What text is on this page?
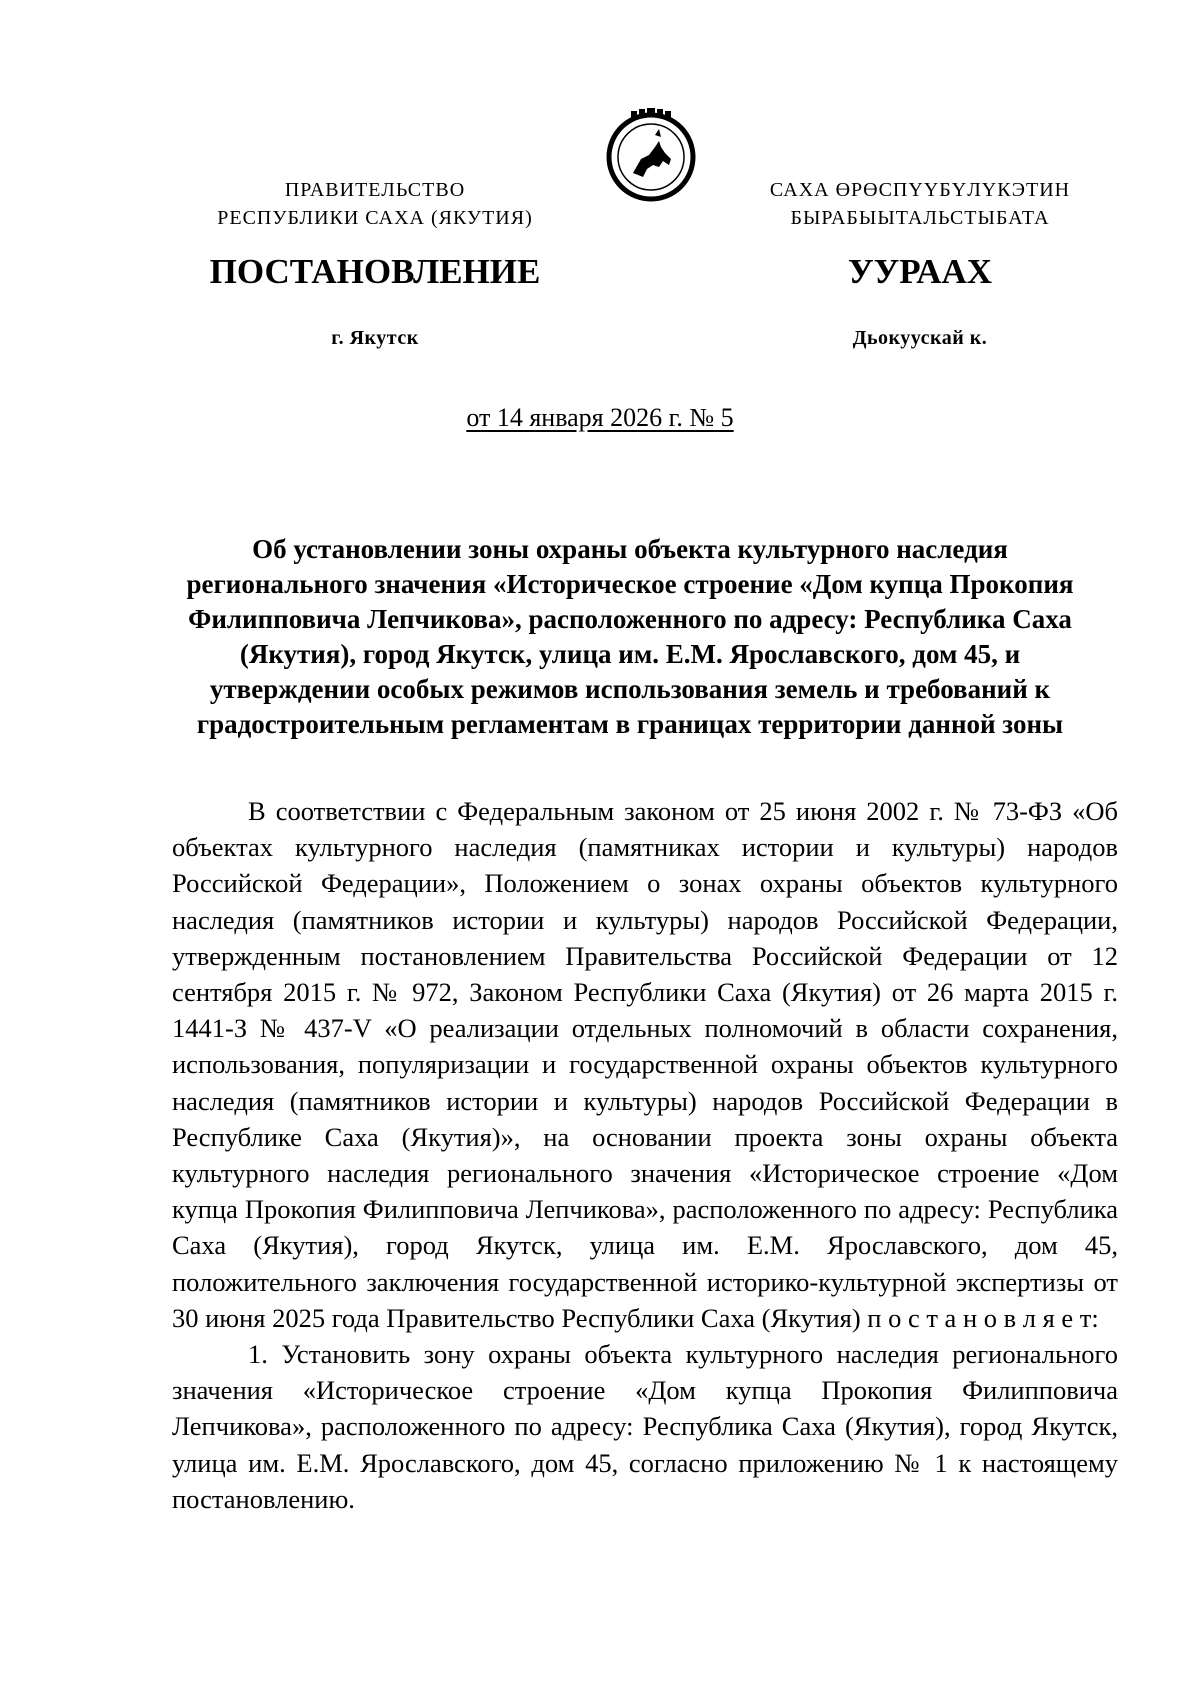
ПРАВИТЕЛЬСТВО
РЕСПУБЛИКИ САХА (ЯКУТИЯ)
САХА ӨРӨСПҮҮБҮЛҮКЭТИН
БЫРАБЫЫТАЛЬСТЫБАТА
ПОСТАНОВЛЕНИЕ	УУРААХ
г. Якутск	Дьокуускай к.
от 14 января 2026 г. № 5
Об установлении зоны охраны объекта культурного наследия регионального значения «Историческое строение «Дом купца Прокопия Филипповича Лепчикова», расположенного по адресу: Республика Саха (Якутия), город Якутск, улица им. Е.М. Ярославского, дом 45, и утверждении особых режимов использования земель и требований к градостроительным регламентам в границах территории данной зоны

В соответствии с Федеральным законом от 25 июня 2002 г. № 73-ФЗ «Об объектах культурного наследия (памятниках истории и культуры) народов Российской Федерации», Положением о зонах охраны объектов культурного наследия (памятников истории и культуры) народов Российской Федерации, утвержденным постановлением Правительства Российской Федерации от 12 сентября 2015 г. № 972, Законом Республики Саха (Якутия) от 26 марта 2015 г. 1441-З № 437-V «О реализации отдельных полномочий в области сохранения, использования, популяризации и государственной охраны объектов культурного наследия (памятников истории и культуры) народов Российской Федерации в Республике Саха (Якутия)», на основании проекта зоны охраны объекта культурного наследия регионального значения «Историческое строение «Дом купца Прокопия Филипповича Лепчикова», расположенного по адресу: Республика Саха (Якутия), город Якутск, улица им. Е.М. Ярославского, дом 45, положительного заключения государственной историко-культурной экспертизы от 30 июня 2025 года Правительство Республики Саха (Якутия) п о с т а н о в л я е т:

1. Установить зону охраны объекта культурного наследия регионального значения «Историческое строение «Дом купца Прокопия Филипповича Лепчикова», расположенного по адресу: Республика Саха (Якутия), город Якутск, улица им. Е.М. Ярославского, дом 45, согласно приложению № 1 к настоящему постановлению.
